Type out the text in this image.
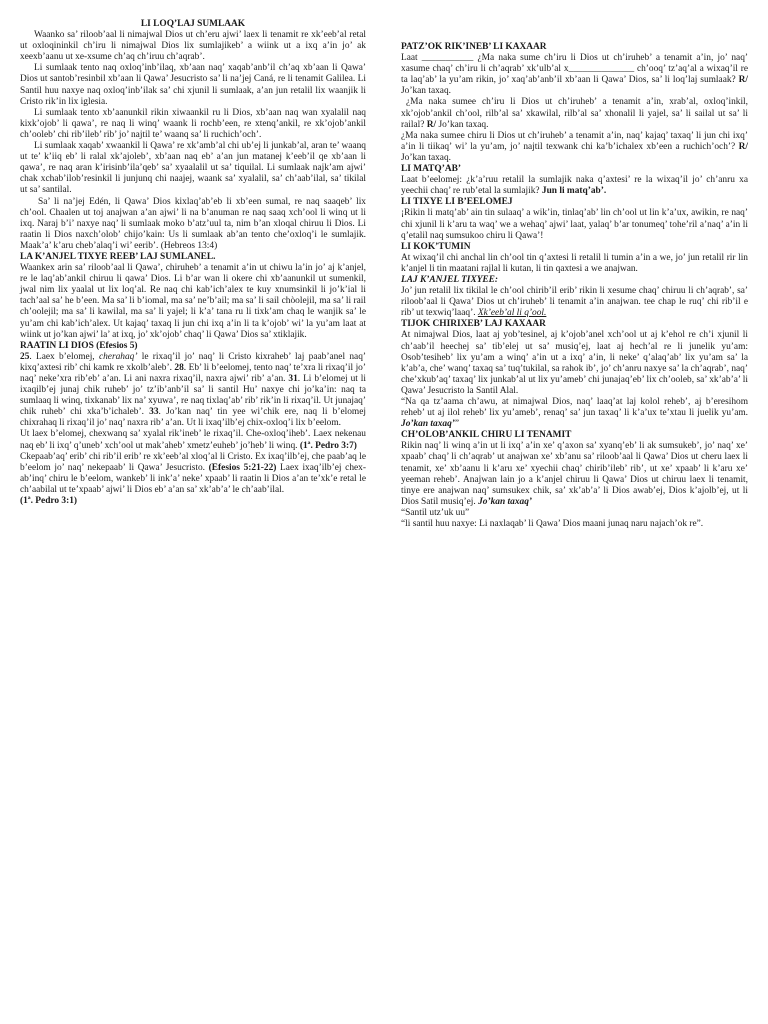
LI LOQ’LAJ SUMLAAK

Waanko sa’ riloob’aal li nimajwal Dios ut ch’eru ajwi’ laex li tenamit re xk’eeb’al retal ut oxloqininkil ch’iru li nimajwal Dios lix sumlajikeb’ a wiink ut a ixq a’in jo’ ak xeexb’aanu ut xe-xsume ch’aq ch’iruu ch’aqrab’.

Li sumlaak tento naq oxloq’inb’ilaq, xb’aan naq’ xaqab’anb’il ch’aq xb’aan li Qawa’ Dios ut santob’resinbil xb’aan li Qawa’ Jesucristo sa’ li na’jej Caná, re li tenamit Galilea. Li Santil huu naxye naq oxloq’inb’ilak sa’ chi xjunil li sumlaak, a’an jun retalil lix waanjik li Cristo rik’in lix iglesia.

Li sumlaak tento xb’aanunkil rikin xiwaankil ru li Dios, xb’aan naq wan xyalalil naq kixk’ojob’ li qawa’, re naq li winq’ waank li rochb’een, re xtenq’ankil, re xk’ojob’ankil ch’ooleb’ chi rib’ileb’ rib’ jo’ najtil te’ waanq sa’ li ruchich’och’.

Li sumlaak xaqab’ xwaankil li Qawa’ re xk’amb’al chi ub’ej li junkab’al, aran te’ waanq ut te’ k’iiq eb’ li ralal xk’ajoleb’, xb’aan naq eb’ a’an jun matanej k’eeb’il qe xb’aan li qawa’, re naq aran k’irisinb’ila’qeb’ sa’ xyaalalil ut sa’ tiquilal. Li sumlaak najk’am ajwi’ chak xchab’ilob’resinkil li junjunq chi naajej, waank sa’ xyalalil, sa’ ch’aab’ilal, sa’ tikilal ut sa’ santilal.

Sa’ li na’jej Edén, li Qawa’ Dios kixlaq’ab’eb li xb’een sumal, re naq saaqeb’ lix ch’ool. Chaalen ut toj anajwan a’an ajwi’ li na b’anuman re naq saaq xch’ool li winq ut li ixq. Naraj b’i’ naxye naq’ li sumlaak moko b’atz’uul ta, nim b’an xloqal chiruu li Dios. Li raatin li Dios naxch’olob’ chijo’kain: Us li sumlaak ab’an tento che’oxloq’i le sumlajik. Maak’a’ k’aru cheb’alaq’i wi’ eerib’. (Hebreos 13:4)

LA K’ANJEL TIXYE REEB’ LAJ SUMLANEL.

Waankex arin sa’ riloob’aal li Qawa’, chiruheb’ a tenamit a’in ut chiwu la’in jo’ aj k’anjel, re le laq’ab’ankil chiruu li qawa’ Dios. Li b’ar wan li okere chi xb’aanunkil ut sumenkil, jwal nim lix yaalal ut lix loq’al. Re naq chi kab’ich’alex te kuy xnumsinkil li jo’k’ial li tach’aal sa’ he b’een. Ma sa’ li b’iomal, ma sa’ ne’b’ail; ma sa’ li sail chòolejil, ma sa’ li rail ch’oolejil; ma sa’ li kawilal, ma sa’ li yajel; li k’a’ tana ru li tixk’am chaq le wanjik sa’ le yu’am chi kab’ich’alex. Ut kajaq’ taxaq li jun chi ixq a’in li ta k’ojob’ wi’ la yu’am laat at wiink ut jo’kan ajwi’ la’ at ixq, jo’ xk’ojob’ chaq’ li Qawa’ Dios sa’ xtiklajik.

RAATIN LI DIOS (Efesios 5)

25. Laex b’elomej, cherahaq’ le rixaq’il jo’ naq’ li Cristo kixraheb’ laj paab’anel naq’ kixq’axtesi rib’ chi kamk re xkolb’aleb’. 28. Eb’ li b’eelomej, tento naq’ te’xra li rixaq’il jo’ naq’ neke’xra rib’eb’ a’an. Li ani naxra rixaq’il, naxra ajwi’ rib’ a’an. 31. Li b’elomej ut li ixaqilb’ej junaj chik ruheb’ jo’ tz’ib’anb’il sa’ li santil Hu’ naxye chi jo’ka’in: naq ta sumlaaq li winq, tixkanab’ lix na’ xyuwa’, re naq tixlaq’ab’ rib’ rik’in li rixaq’il. Ut junajaq’ chik ruheb’ chi xka’b’ichaleb’. 33. Jo’kan naq’ tin yee wi’chik ere, naq li b’elomej chixrahaq li rixaq’il jo’ naq’ naxra rib’ a’an. Ut li ixaq’ilb’ej chix-oxloq’i lix b’eelom.

Ut laex b’elomej, chexwanq sa’ xyalal rik’ineb’ le rixaq’il. Che-oxloq’iheb’. Laex nekenau naq eb’ li ixq’ q’uneb’ xch’ool ut mak’aheb’ xmetz’euheb’ jo’heb’ li winq. (1ª. Pedro 3:7)

Ckepaab’aq’ erib’ chi rib’il erib’ re xk’eeb’al xloq’al li Cristo. Ex ixaq’ilb’ej, che paab’aq le b’eelom jo’ naq’ nekepaab’ li Qawa’ Jesucristo. (Efesios 5:21-22) Laex ixaq’ilb’ej chex-ab’inq’ chiru le b’eelom, wankeb’ li ink’a’ neke’ xpaab’ li raatin li Dios a’an te’xk’e retal le ch’aabilal ut te’xpaab’ ajwi’ li Dios eb’ a’an sa’ xk’ab’a’ le ch’aab’ilal.

(1ª. Pedro 3:1)

PATZ’OK RIK’INEB’ LI KAXAAR

Laat ___________ ¿Ma naka sume ch’iru li Dios ut ch’iruheb’ a tenamit a’in, jo’ naq’ xasume chaq’ ch’iru li ch’aqrab’ xk’ulb’al x______________ ch’ooq’ tz’aq’al a wixaq’il re ta laq’ab’ la yu’am rikin, jo’ xaq’ab’anb’il xb’aan li Qawa’ Dios, sa’ li loq’laj sumlaak? R/ Jo’kan taxaq.

¿Ma naka sumee ch’iru li Dios ut ch’iruheb’ a tenamit a’in, xrab’al, oxloq’inkil, xk’ojob’ankil ch’ool, rilb’al sa’ xkawilal, rilb’al sa’ xhonalil li yajel, sa’ li sailal ut sa’ li railal? R/ Jo’kan taxaq.

¿Ma naka sumee chiru li Dios ut ch’iruheb’ a tenamit a’in, naq’ kajaq’ taxaq’ li jun chi ixq’ a’in li tiikaq’ wi’ la yu’am, jo’ najtil texwank chi ka’b’ichalex xb’een a ruchich’och’? R/ Jo’kan taxaq.

LI MATQ’AB’

Laat b’eelomej: ¿k’a’ruu retalil la sumlajik naka q’axtesi’ re la wixaq’il jo’ ch’anru xa yeechii chaq’ re rub’etal la sumlajik? Jun li matq’ab’.

LI TIXYE LI B’EELOMEJ

¡Rikin li matq’ab’ ain tin sulaaq’ a wik’in, tinlaq’ab’ lin ch’ool ut lin k’a’ux, awikin, re naq’ chi xjunil li k’aru ta waq’ we a wehaq’ ajwi’ laat, yalaq’ b’ar tonumeq’ tohe’ril a’naq’ a’in li q’etalil naq sumsukoo chiru li Qawa’!

LI KOK’TUMIN

At wixaq’il chi anchal lin ch’ool tin q’axtesi li retalil li tumin a’in a we, jo’ jun retalil rir lin k’anjel li tin maatani rajlal li kutan, li tin qaxtesi a we anajwan.

LAJ K’ANJEL TIXYEE:

Jo’ jun retalil lix tikilal le ch’ool chirib’il erib’ rikin li xesume chaq’ chiruu li ch’aqrab’, sa’ riloob’aal li Qawa’ Dios ut ch’iruheb’ li tenamit a’in anajwan. tee chap le ruq’ chi rib’il e rib’ ut texwiq’laaq’. Xk’eeb’al li q’ool.

TIJOK CHIRIXEB’ LAJ KAXAAR

At nimajwal Dios, laat aj yob’tesinel, aj k’ojob’anel xch’ool ut aj k’ehol re ch’i xjunil li ch’aab’il heechej sa’ tib’elej ut sa’ musiq’ej, laat aj hech’al re li junelik yu’am: Osob’tesiheb’ lix yu’am a winq’ a’in ut a ixq’ a’in, li neke’ q’alaq’ab’ lix yu’am sa’ la k’ab’a, che’ wanq’ taxaq sa’ tuq’tukilal, sa rahok ib’, jo’ ch’anru naxye sa’ la ch’aqrab’, naq’ che’xkub’aq’ taxaq’ lix junkab’al ut lix yu’ameb’ chi junajaq’eb’ lix ch’ooleb, sa’ xk’ab’a’ li Qawa’ Jesucristo la Santil Alal.

“Na qa tz’aama ch’awu, at nimajwal Dios, naq’ laaq’at laj kolol reheb’, aj b’eresihom reheb’ ut aj ilol reheb’ lix yu’ameb’, renaq’ sa’ jun taxaq’ li k’a’ux te’xtau li juelik yu’am. Jo’kan taxaq’”

CH’OLOB’ANKIL CHIRU LI TENAMIT

Rikin naq’ li winq a’in ut li ixq’ a’in xe’ q’axon sa’ xyanq’eb’ li ak sumsukeb’, jo’ naq’ xe’ xpaab’ chaq’ li ch’aqrab’ ut anajwan xe’ xb’anu sa’ riloob’aal li Qawa’ Dios ut cheru laex li tenamit, xe’ xb’aanu li k’aru xe’ xyechii chaq’ chirib’ileb’ rib’, ut xe’ xpaab’ li k’aru xe’ yeeman reheb’. Anajwan lain jo a k’anjel chiruu li Qawa’ Dios ut chiruu laex li tenamit, tinye ere anajwan naq’ sumsukex chik, sa’ xk’ab’a’ li Dios awab’ej, Dios k’ajolb’ej, ut li Dios Satil musiq’ej. Jo’kan taxaq’

“Santil utz’uk uu”

“li santil huu naxye: Li naxlaqab’ li Qawa’ Dios maani junaq naru najach’ok re”.
